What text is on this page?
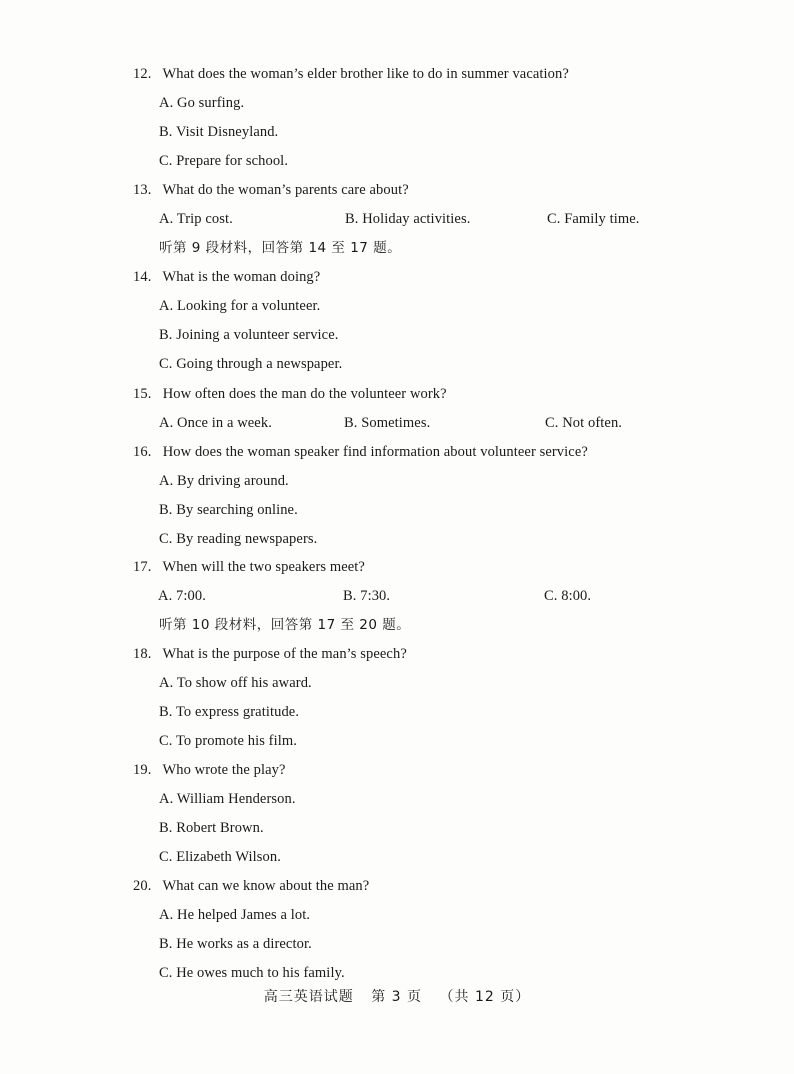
12. What does the woman’s elder brother like to do in summer vacation?
A. Go surfing.
B. Visit Disneyland.
C. Prepare for school.
13. What do the woman’s parents care about?
A. Trip cost.	B. Holiday activities.	C. Family time.
听第 9 段材料，回答第 14 至 17 题。
14. What is the woman doing?
A. Looking for a volunteer.
B. Joining a volunteer service.
C. Going through a newspaper.
15. How often does the man do the volunteer work?
A. Once in a week.	B. Sometimes.	C. Not often.
16. How does the woman speaker find information about volunteer service?
A. By driving around.
B. By searching online.
C. By reading newspapers.
17. When will the two speakers meet?
A. 7:00.	B. 7:30.	C. 8:00.
听第 10 段材料，回答第 17 至 20 题。
18. What is the purpose of the man’s speech?
A. To show off his award.
B. To express gratitude.
C. To promote his film.
19. Who wrote the play?
A. William Henderson.
B. Robert Brown.
C. Elizabeth Wilson.
20. What can we know about the man?
A. He helped James a lot.
B. He works as a director.
C. He owes much to his family.
高三英语试题 第 3 页 （共 12 页）
